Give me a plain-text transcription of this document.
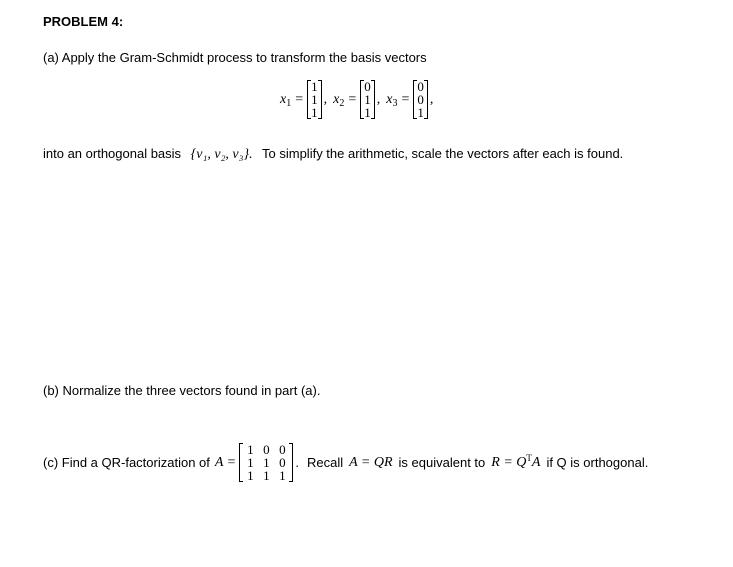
PROBLEM 4:
(a) Apply the Gram-Schmidt process to transform the basis vectors
$x_1$ =
1
1
1
, $x_2$ =
0
1
1
, $x_3$ =
0
0
1
,
into an orthogonal basis {v₁, v₂, v₃}. To simplify the arithmetic, scale the vectors after each is found.
(b) Normalize the three vectors found in part (a).
(c) Find a QR-factorization of A =
1 0 0
1 1 0
1 1 1
. Recall A = QR is equivalent to $R = Q^TA$ if Q is orthogonal.
